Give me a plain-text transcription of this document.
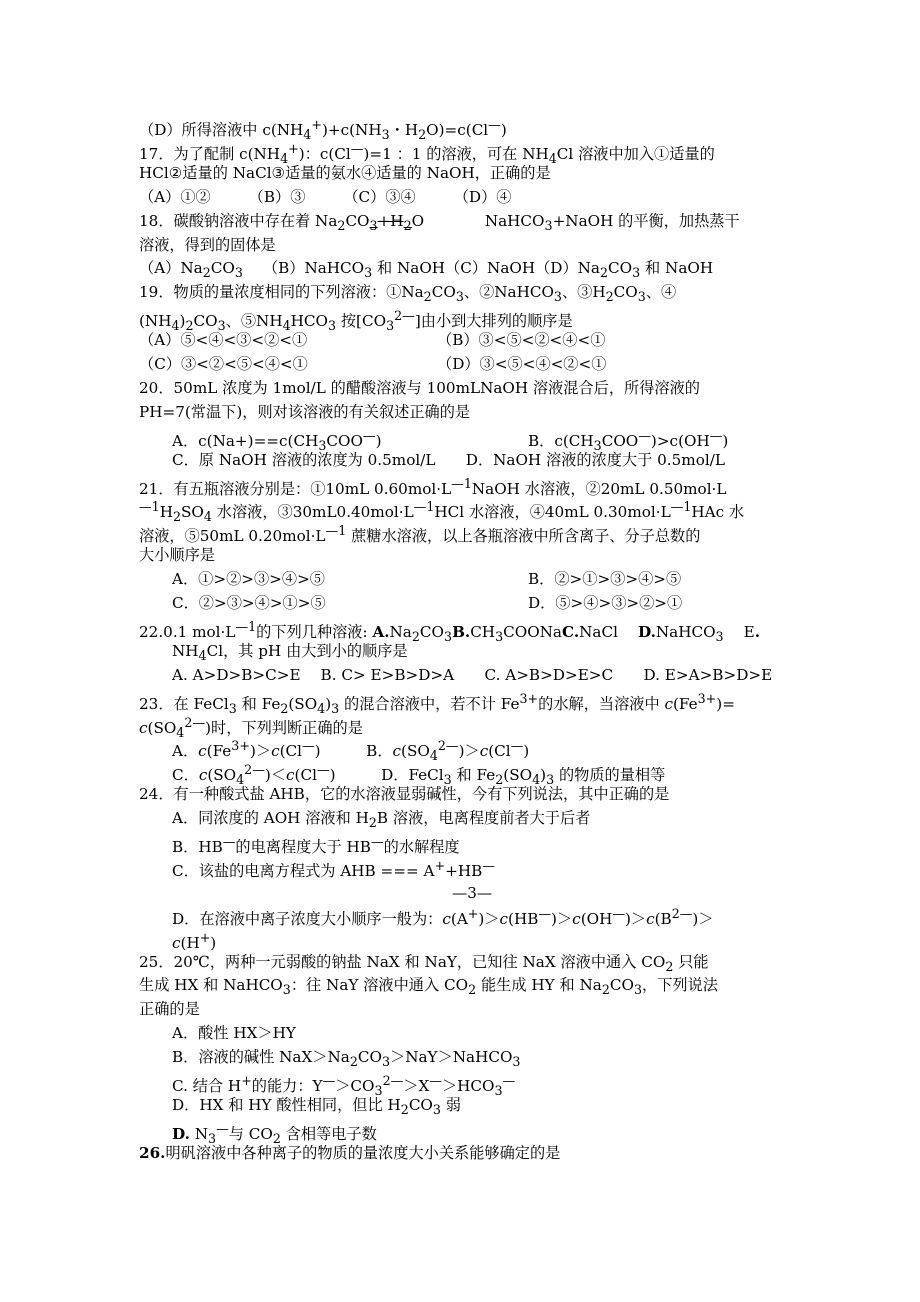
（D）所得溶液中 $c(NH_4^+)+c(NH_3$・$H_2O)=c(Cl^—)$
17．为了配制 $c(NH_4^+)$：c(Cl—)=1 ：1 的溶液，可在 $NH_4Cl$ 溶液中加入①适量的
HCl②适量的 NaCl③适量的氨水④适量的 NaOH，正确的是
（A）①②　　　（B）③　　　（C）③④　　　（D）④
18．碳酸钠溶液中存在着 $Na_2CO_3+H_2O$　　　　NaHCO$_3$+NaOH 的平衡，加热蒸干
溶液，得到的固体是
$(A)Na_2CO_3$　 （B）NaHCO$_3$ 和 $NaOH(C)NaOH(D)Na_2CO_3$ 和 NaOH
19．物质的量浓度相同的下列溶液：$①Na_2CO_3$、②NaHCO$_3$、$③H_2CO_3$、④
$(NH_4)_2CO_3$、$⑤NH_4HCO_3$ 按$[CO_3^{2—}]$由小到大排列的顺序是
（A）⑤<④<③<②<①	（B）③<⑤<②<④<①
（C）③<②<⑤<④<①	（D）③<⑤<④<②<①
20．50mL 浓度为 1mol/L 的醋酸溶液与 100mLNaOH 溶液混合后，所得溶液的
PH=7(常温下)，则对该溶液的有关叙述正确的是
A．$c(Na+)==c(CH_3COO^—)$	B．$c(CH_3COO^—)>c(OH^—)$
C．原 NaOH 溶液的浓度为 0.5mol/L　　D．NaOH 溶液的浓度大于 0.5mol/L
21．有五瓶溶液分别是：①10mL $0.60mol\cdot L^{—1}NaOH$ 水溶液，②20mL 0.50mol·L
$^{—1}H_2SO_4$ 水溶液，$③30mL0.40mol\cdot L^{—1}HCl$ 水溶液，④40mL $0.30mol\cdot L^{—1}HAc$ 水
溶液，⑤50mL $0.20mol\cdot L^{—1}$ 蔗糖水溶液，以上各瓶溶液中所含离子、分子总数的
大小顺序是
A．①>②>③>④>⑤	B．②>①>③>④>⑤
C．②>③>④>①>⑤	D．⑤>④>③>②>①
22.0.1 $mol\cdot L^{—1}$的下列几种溶液: $A.Na_2CO_3B.CH_3COONaC.NaCl$　 D.NaHCO$_3$　 E.
$NH_4Cl$，其 pH 由大到小的顺序是
A. A>D>B>C>E　 B. C> E>B>D>A　　C. A>B>D>E>C　　D. E>A>B>D>E
23．在 FeCl$_3$ 和 $Fe_2(SO_4)_3$ 的混合溶液中，若不计 $Fe^{3+}$的水解，当溶液中 $c(Fe^{3+})=$
$c(SO_4^{2—})$时，下列判断正确的是
A．$c(Fe^{3+})>c(Cl^—)$　　　B．$c(SO_4^{2—})>c(Cl^—)$
C．$c(SO_4^{2—})<c(Cl^—)$　　　D．FeCl$_3$ 和 $Fe_2(SO_4)_3$ 的物质的量相等
24．有一种酸式盐 AHB，它的水溶液显弱碱性，今有下列说法，其中正确的是
A．同浓度的 AOH 溶液和 $H_2B$ 溶液，电离程度前者大于后者
B．HB—的电离程度大于 HB—的水解程度
C．该盐的电离方程式为 AHB === A++HB—
D．在溶液中离子浓度大小顺序一般为：$c(A^+)>c(HB^—)>c(OH^—)>c(B^{2—})>$
c(H+)
25．20℃，两种一元弱酸的钠盐 NaX 和 NaY，已知往 NaX 溶液中通入 $CO_2$ 只能
生成 HX 和 NaHCO$_3$：往 NaY 溶液中通入 $CO_2$ 能生成 HY 和 $Na_2CO_3$，下列说法
正确的是
A．酸性 HX＞HY
B．溶液的碱性 $NaX>Na_2CO_3>NaY>NaHCO_3$
C. 结合 H+的能力：$Y^—>CO_3^{2—}>X^—>HCO_3^—$
D．HX 和 HY 酸性相同，但比 $H_2CO_3$ 弱
D. $N_3^—$与 $CO_2$ 含相等电子数
26.明矾溶液中各种离子的物质的量浓度大小关系能够确定的是
—3—
